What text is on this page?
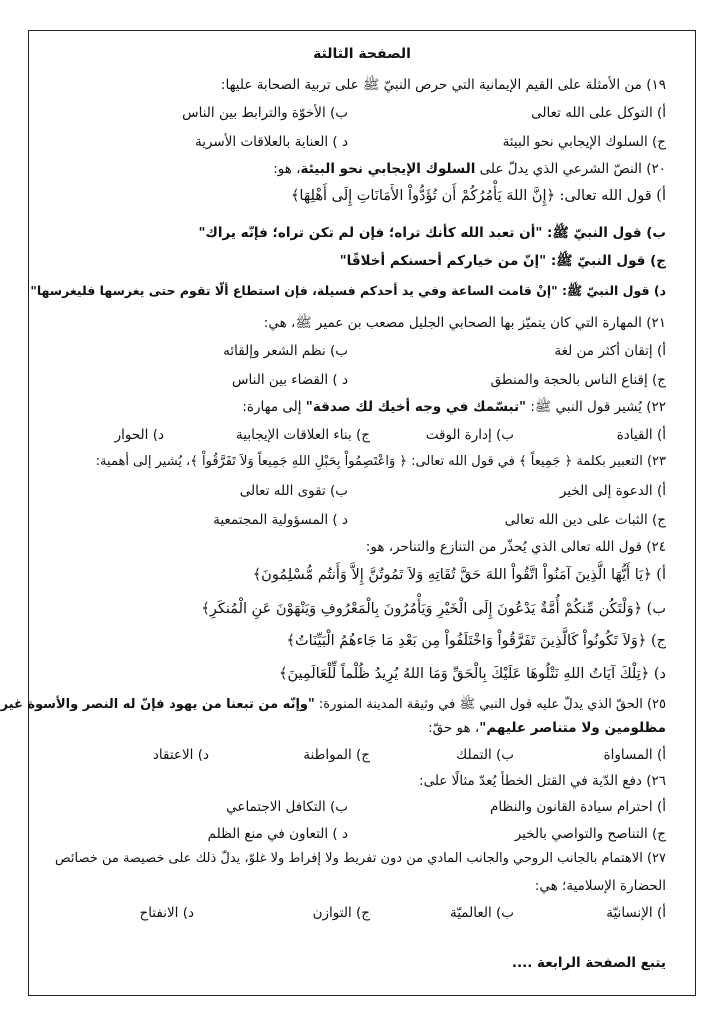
الصفحة الثالثة
١٩) من الأمثلة على القيم الإيمانية التي حرص النبيّ ﷺ على تربية الصحابة عليها:
أ) التوكل على الله تعالى
ب) الأخوّة والترابط بين الناس
ج) السلوك الإيجابي نحو البيئة
د ) العناية بالعلاقات الأسرية
٢٠) النصّ الشرعي الذي يدلّ على السلوك الإيجابي نحو البيئة، هو:
أ) قول الله تعالى: ﴿إِنَّ اللهَ يَأْمُرُكُمْ أَن تُؤَدُّواْ الأَمَانَاتِ إِلَى أَهْلِهَا﴾
ب) قول النبيّ ﷺ: "أن تعبد الله كأنك تراه؛ فإن لم تكن تراه؛ فإنّه يراك"
ج) قول النبيّ ﷺ: "إنّ من خياركم أحسنكم أخلاقًا"
د) قول النبيّ ﷺ: "إنْ قامت الساعة وفي يد أحدكم فسيلة، فإن استطاع ألّا تقوم حتى يغرسها فليغرسها"
٢١) المهارة التي كان يتميّز بها الصحابي الجليل مصعب بن عمير ﷺ، هي:
أ) إتقان أكثر من لغة
ب) نظم الشعر وإلقائه
ج) إقناع الناس بالحجة والمنطق
د ) القضاء بين الناس
٢٢) يُشير قول النبي ﷺ: "تبسّمك في وجه أخيك لك صدقة" إلى مهارة:
أ) القيادة
ب) إدارة الوقت
ج) بناء العلاقات الإيجابية
د) الحوار
٢٣) التعبير بكلمة ﴿ جَمِيعاً ﴾ في قول الله تعالى: ﴿ وَاعْتَصِمُواْ بِحَبْلِ اللهِ جَمِيعاً وَلاَ تَفَرَّقُواْ ﴾، يُشير إلى أهمية:
أ) الدعوة إلى الخير
ب) تقوى الله تعالى
ج) الثبات على دين الله تعالى
د ) المسؤولية المجتمعية
٢٤) قول الله تعالى الذي يُحذّر من التنازع والتناحر، هو:
أ) ﴿يَا أَيُّهَا الَّذِينَ آمَنُواْ اتَّقُواْ اللهَ حَقَّ تُقَاتِهِ وَلاَ تَمُوتُنَّ إِلاَّ وَأَنتُم مُّسْلِمُونَ﴾
ب) ﴿وَلْتَكُن مِّنكُمْ أُمَّةٌ يَدْعُونَ إِلَى الْخَيْرِ وَيَأْمُرُونَ بِالْمَعْرُوفِ وَيَنْهَوْنَ عَنِ الْمُنكَرِ﴾
ج) ﴿وَلاَ تَكُونُواْ كَالَّذِينَ تَفَرَّقُواْ وَاخْتَلَفُواْ مِن بَعْدِ مَا جَاءهُمُ الْبَيِّنَاتُ﴾
د) ﴿تِلْكَ آيَاتُ اللهِ نَتْلُوهَا عَلَيْكَ بِالْحَقِّ وَمَا اللهُ يُرِيدُ ظُلْماً لِّلْعَالَمِينَ﴾
٢٥) الحقّ الذي يدلّ عليه قول النبي ﷺ في وثيقة المدينة المنورة: "وإنّه من تبعنا من يهود فإنّ له النصر والأسوة غير
مظلومين ولا متناصر عليهم"، هو حقّ:
أ) المساواة
ب) التملك
ج) المواطنة
د) الاعتقاد
٢٦) دفع الدّية في القتل الخطأ يُعدّ مثالًا على:
أ) احترام سيادة القانون والنظام
ب) التكافل الاجتماعي
ج) التناصح والتواصي بالخير
د ) التعاون في منع الظلم
٢٧) الاهتمام بالجانب الروحي والجانب المادي من دون تفريط ولا إفراط ولا غلوّ، يدلّ ذلك على خصيصة من خصائص
الحضارة الإسلامية؛ هي:
أ) الإنسانيّة
ب) العالميّة
ج) التوازن
د) الانفتاح
يتبع الصفحة الرابعة ....
